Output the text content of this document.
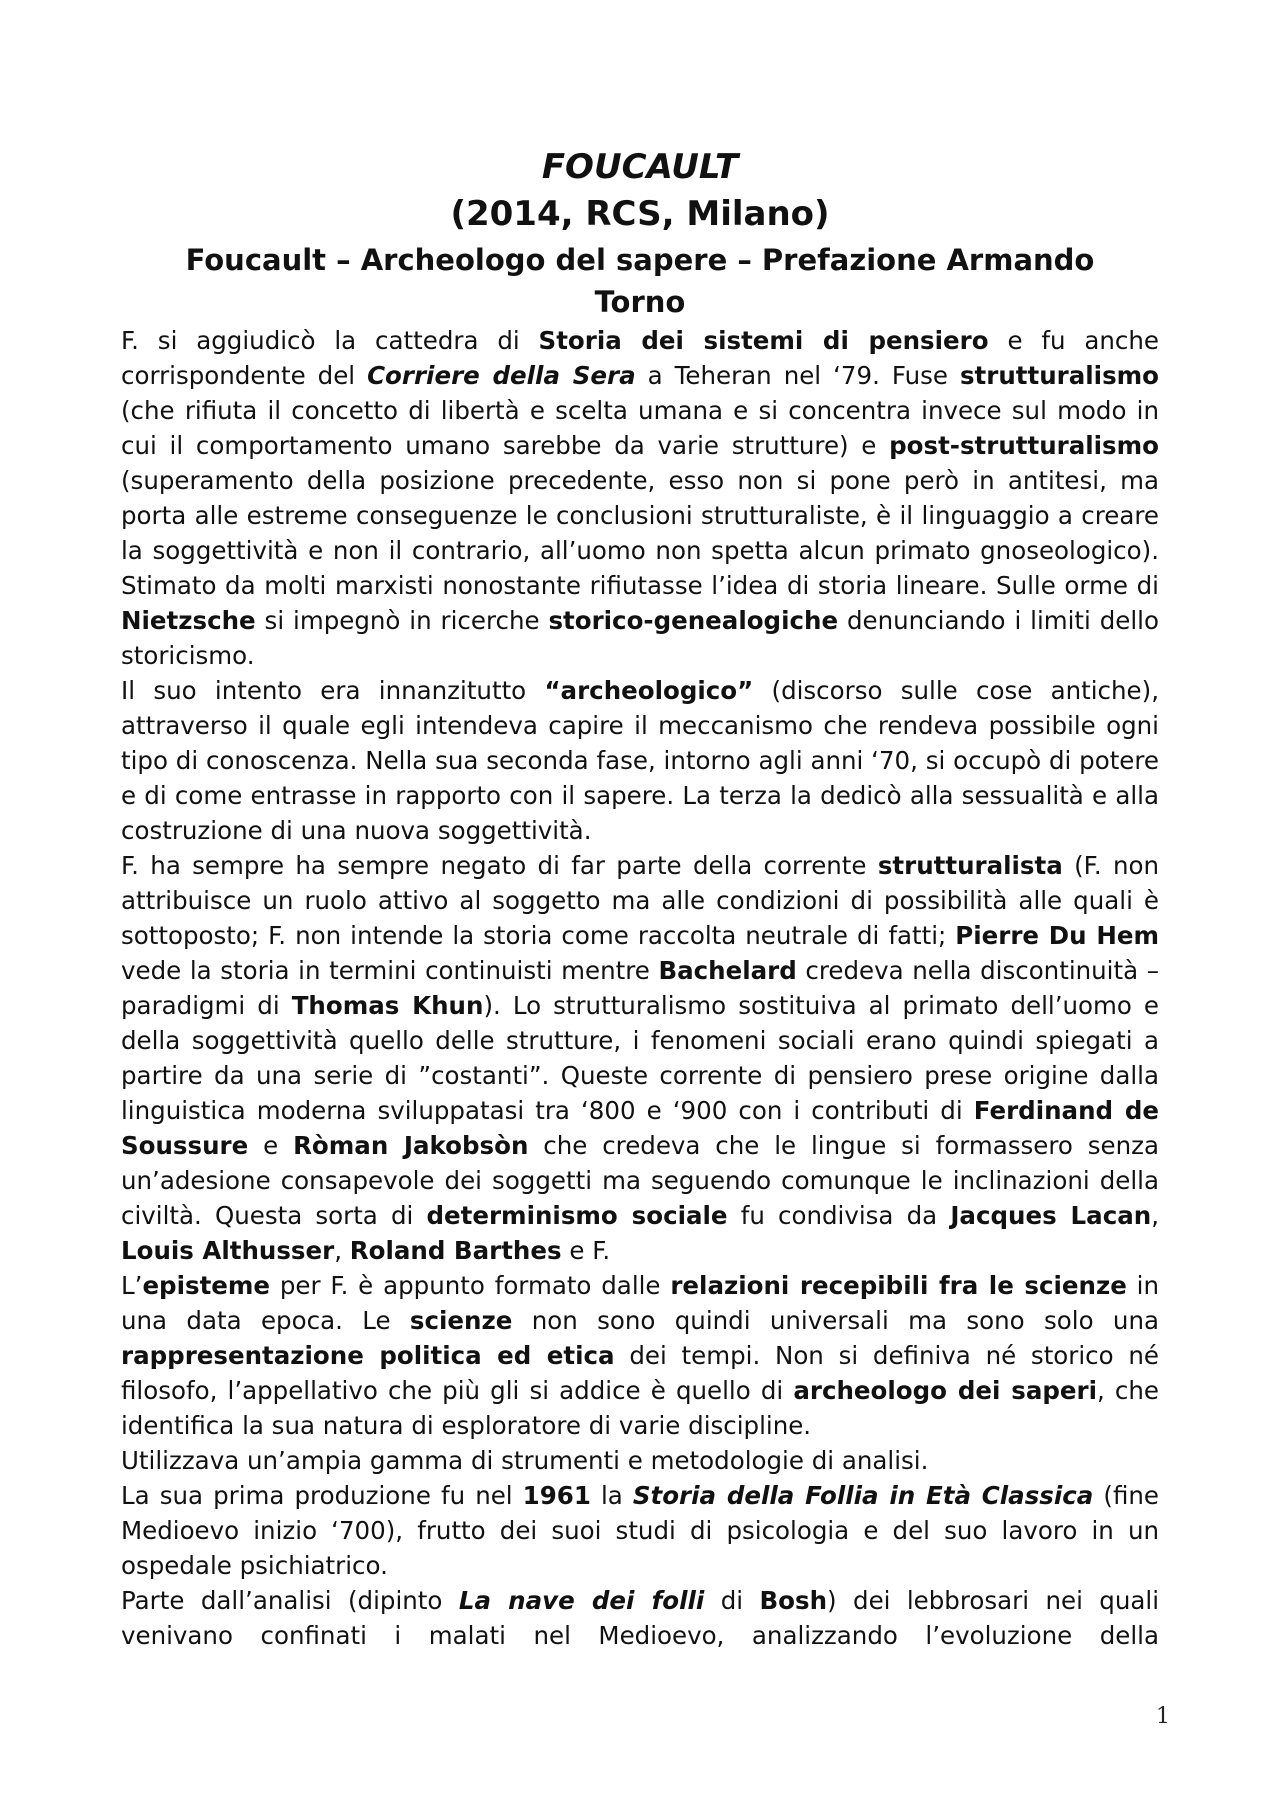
FOUCAULT
(2014, RCS, Milano)
Foucault – Archeologo del sapere – Prefazione Armando Torno

F. si aggiudicò la cattedra di Storia dei sistemi di pensiero e fu anche corrispondente del Corriere della Sera a Teheran nel ‘79. Fuse strutturalismo (che rifiuta il concetto di libertà e scelta umana e si concentra invece sul modo in cui il comportamento umano sarebbe da varie strutture) e post-strutturalismo (superamento della posizione precedente, esso non si pone però in antitesi, ma porta alle estreme conseguenze le conclusioni strutturaliste, è il linguaggio a creare la soggettività e non il contrario, all’uomo non spetta alcun primato gnoseologico). Stimato da molti marxisti nonostante rifiutasse l’idea di storia lineare. Sulle orme di Nietzsche si impegnò in ricerche storico-genealogiche denunciando i limiti dello storicismo.

Il suo intento era innanzitutto “archeologico” (discorso sulle cose antiche), attraverso il quale egli intendeva capire il meccanismo che rendeva possibile ogni tipo di conoscenza. Nella sua seconda fase, intorno agli anni ‘70, si occupò di potere e di come entrasse in rapporto con il sapere. La terza la dedicò alla sessualità e alla costruzione di una nuova soggettività.

F. ha sempre ha sempre negato di far parte della corrente strutturalista (F. non attribuisce un ruolo attivo al soggetto ma alle condizioni di possibilità alle quali è sottoposto; F. non intende la storia come raccolta neutrale di fatti; Pierre Du Hem vede la storia in termini continuisti mentre Bachelard credeva nella discontinuità – paradigmi di Thomas Khun). Lo strutturalismo sostituiva al primato dell’uomo e della soggettività quello delle strutture, i fenomeni sociali erano quindi spiegati a partire da una serie di ”costanti”. Queste corrente di pensiero prese origine dalla linguistica moderna sviluppatasi tra ‘800 e ‘900 con i contributi di Ferdinand de Soussure e Ròman Jakobsòn che credeva che le lingue si formassero senza un’adesione consapevole dei soggetti ma seguendo comunque le inclinazioni della civiltà. Questa sorta di determinismo sociale fu condivisa da Jacques Lacan, Louis Althusser, Roland Barthes e F.

L’episteme per F. è appunto formato dalle relazioni recepibili fra le scienze in una data epoca. Le scienze non sono quindi universali ma sono solo una rappresentazione politica ed etica dei tempi. Non si definiva né storico né filosofo, l’appellativo che più gli si addice è quello di archeologo dei saperi, che identifica la sua natura di esploratore di varie discipline.

Utilizzava un’ampia gamma di strumenti e metodologie di analisi.

La sua prima produzione fu nel 1961 la Storia della Follia in Età Classica (fine Medioevo inizio ‘700), frutto dei suoi studi di psicologia e del suo lavoro in un ospedale psichiatrico.

Parte dall’analisi (dipinto La nave dei folli di Bosh) dei lebbrosari nei quali venivano confinati i malati nel Medioevo, analizzando l’evoluzione della

1
